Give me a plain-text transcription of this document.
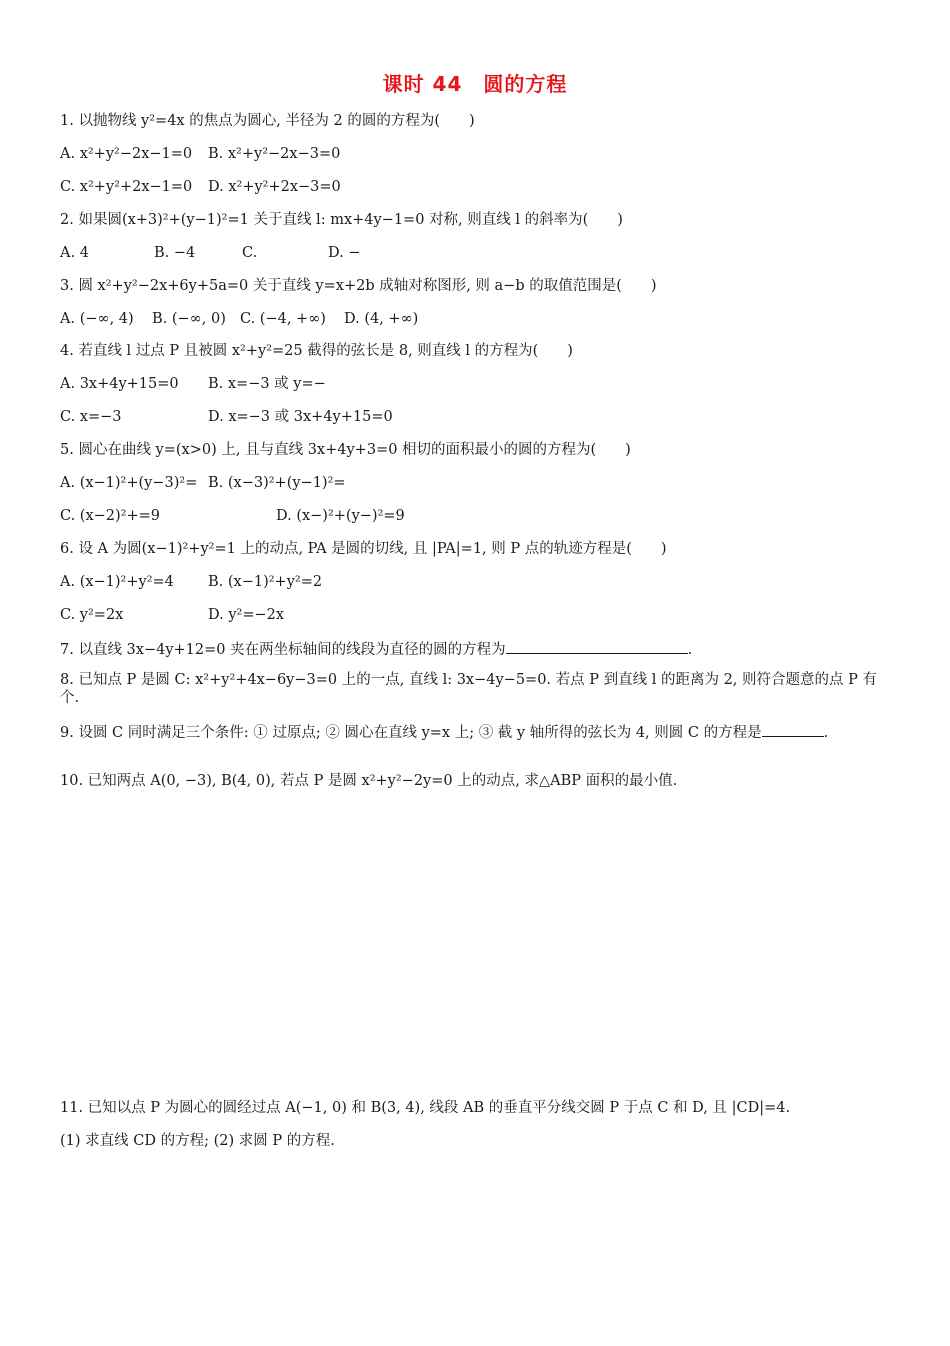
课时 44　圆的方程
1. 以抛物线 y²=4x 的焦点为圆心, 半径为 2 的圆的方程为(　　)
A. x²+y²−2x−1=0 B. x²+y²−2x−3=0
C. x²+y²+2x−1=0 D. x²+y²+2x−3=0
2. 如果圆(x+3)²+(y−1)²=1 关于直线 l: mx+4y−1=0 对称, 则直线 l 的斜率为(　　)
A. 4	B. −4	C.	D. −
3. 圆 x²+y²−2x+6y+5a=0 关于直线 y=x+2b 成轴对称图形, 则 a−b 的取值范围是(　　)
A. (−∞, 4) B. (−∞, 0) C. (−4, +∞) D. (4, +∞)
4. 若直线 l 过点 P 且被圆 x²+y²=25 截得的弦长是 8, 则直线 l 的方程为(　　)
A. 3x+4y+15=0 B. x=−3 或 y=−
C. x=−3	D. x=−3 或 3x+4y+15=0
5. 圆心在曲线 y=(x>0) 上, 且与直线 3x+4y+3=0 相切的面积最小的圆的方程为(　　)
A. (x−1)²+(y−3)²= B. (x−3)²+(y−1)²=
C. (x−2)²+=9	D. (x−)²+(y−)²=9
6. 设 A 为圆(x−1)²+y²=1 上的动点, PA 是圆的切线, 且 |PA|=1, 则 P 点的轨迹方程是(　　)
A. (x−1)²+y²=4 B. (x−1)²+y²=2
C. y²=2x	D. y²=−2x
7. 以直线 3x−4y+12=0 夹在两坐标轴间的线段为直径的圆的方程为	.
8. 已知点 P 是圆 C: x²+y²+4x−6y−3=0 上的一点, 直线 l: 3x−4y−5=0. 若点 P 到直线 l 的距离为 2, 则符合题意的点 P 有个.
9. 设圆 C 同时满足三个条件: ① 过原点; ② 圆心在直线 y=x 上; ③ 截 y 轴所得的弦长为 4, 则圆 C 的方程是	.
10. 已知两点 A(0, −3), B(4, 0), 若点 P 是圆 x²+y²−2y=0 上的动点, 求△ABP 面积的最小值.
11. 已知以点 P 为圆心的圆经过点 A(−1, 0) 和 B(3, 4), 线段 AB 的垂直平分线交圆 P 于点 C 和 D, 且 |CD|=4.
(1) 求直线 CD 的方程; (2) 求圆 P 的方程.
